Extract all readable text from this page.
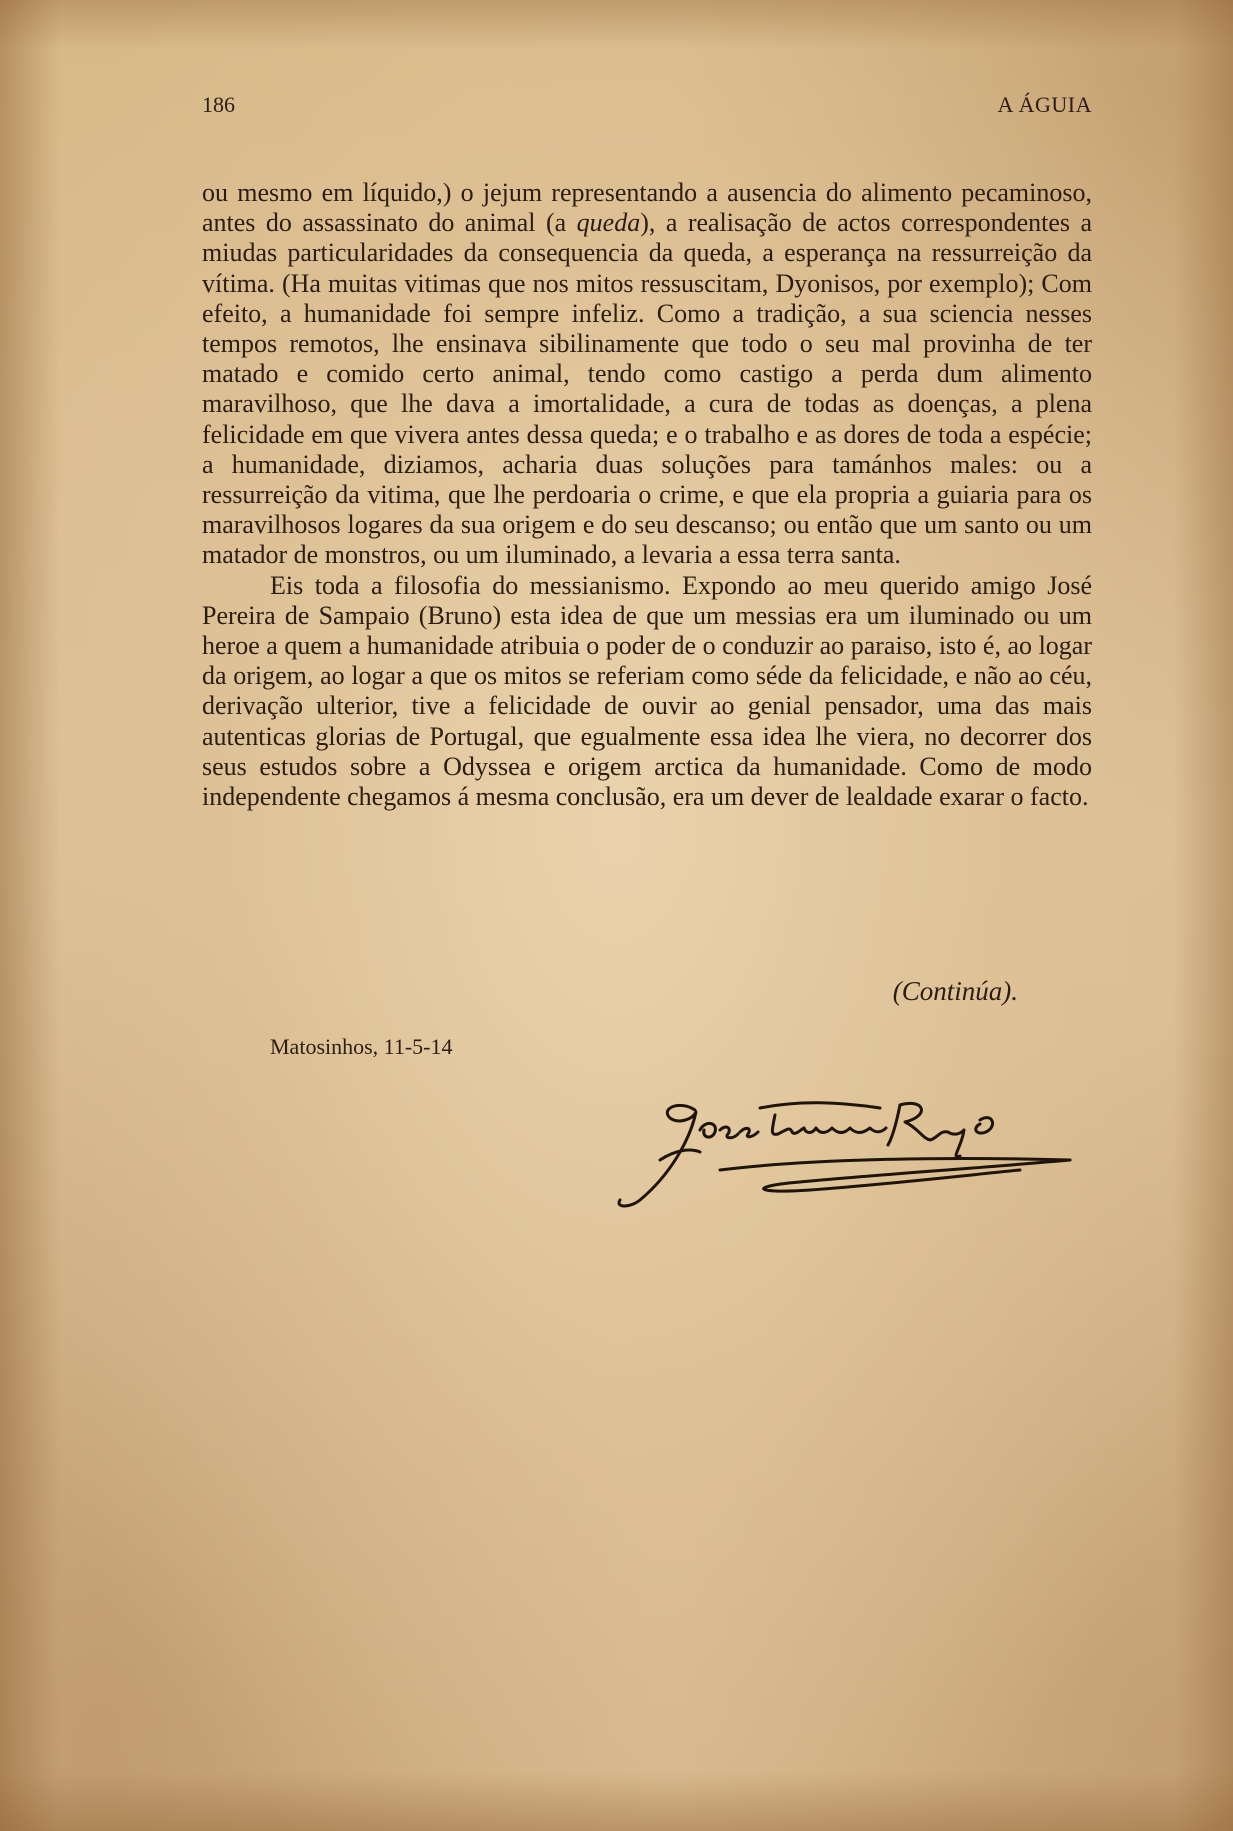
186	A ÁGUIA

ou mesmo em líquido,) o jejum representando a ausencia do alimento pecaminoso, antes do assassinato do animal (a queda), a realisação de actos correspondentes a miudas particularidades da consequencia da queda, a esperança na ressurreição da vítima. (Ha muitas vitimas que nos mitos ressuscitam, Dyonisos, por exemplo); Com efeito, a humanidade foi sempre infeliz. Como a tradição, a sua sciencia nesses tempos remotos, lhe ensinava sibilinamente que todo o seu mal provinha de ter matado e comido certo animal, tendo como castigo a perda dum alimento maravilhoso, que lhe dava a imortalidade, a cura de todas as doenças, a plena felicidade em que vivera antes dessa queda; e o trabalho e as dores de toda a espécie; a humanidade, diziamos, acharia duas soluções para tamánhos males: ou a ressurreição da vitima, que lhe perdoaria o crime, e que ela propria a guiaria para os maravilhosos logares da sua origem e do seu descanso; ou então que um santo ou um matador de monstros, ou um iluminado, a levaria a essa terra santa.

Eis toda a filosofia do messianismo. Expondo ao meu querido amigo José Pereira de Sampaio (Bruno) esta idea de que um messias era um iluminado ou um heroe a quem a humanidade atribuia o poder de o conduzir ao paraiso, isto é, ao logar da origem, ao logar a que os mitos se referiam como séde da felicidade, e não ao céu, derivação ulterior, tive a felicidade de ouvir ao genial pensador, uma das mais autenticas glorias de Portugal, que egualmente essa idea lhe viera, no decorrer dos seus estudos sobre a Odyssea e origem arctica da humanidade. Como de modo independente chegamos á mesma conclusão, era um dever de lealdade exarar o facto.

(Continúa).
Matosinhos, 11-5-14
